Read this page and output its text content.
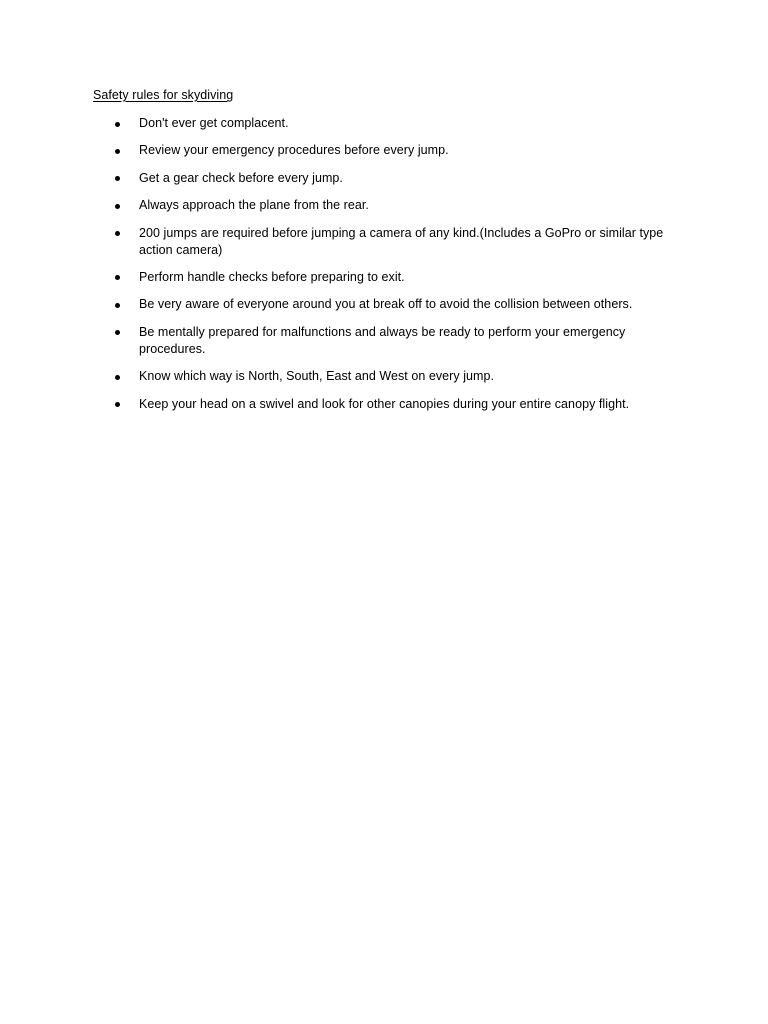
Safety rules for skydiving
Don't ever get complacent.
Review your emergency procedures before every jump.
Get a gear check before every jump.
Always approach the plane from the rear.
200 jumps are required before jumping a camera of any kind.(Includes a GoPro or similar type action camera)
Perform handle checks before preparing to exit.
Be very aware of everyone around you at break off to avoid the collision between others.
Be mentally prepared for malfunctions and always be ready to perform your emergency procedures.
Know which way is North, South, East and West on every jump.
Keep your head on a swivel and look for other canopies during your entire canopy flight.
